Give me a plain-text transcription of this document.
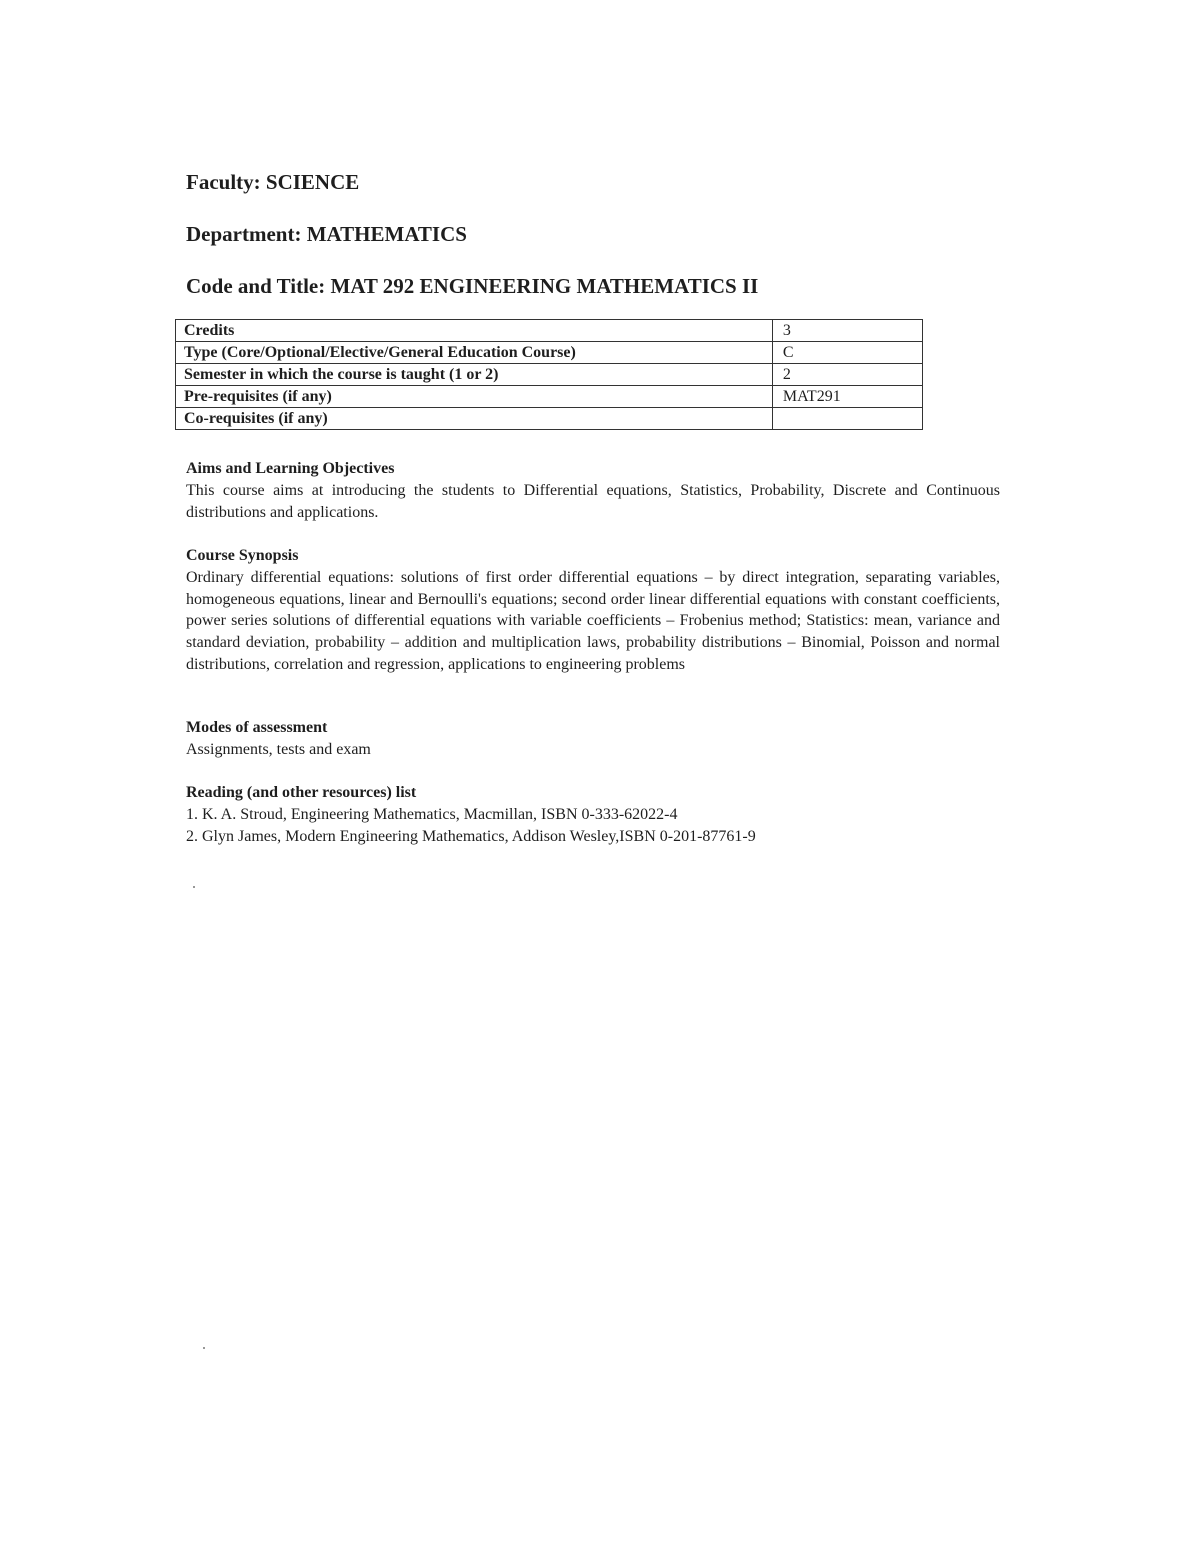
Faculty: SCIENCE
Department: MATHEMATICS
Code and Title: MAT 292 ENGINEERING MATHEMATICS II
Credits	3
Type (Core/Optional/Elective/General Education Course)	C
Semester in which the course is taught (1 or 2)	2
Pre-requisites (if any)	MAT291
Co-requisites (if any)	
Aims and Learning Objectives

This course aims at introducing the students to Differential equations, Statistics, Probability, Discrete and Continuous distributions and applications.

Course Synopsis

Ordinary differential equations: solutions of first order differential equations – by direct integration, separating variables, homogeneous equations, linear and Bernoulli's equations; second order linear differential equations with constant coefficients, power series solutions of differential equations with variable coefficients – Frobenius method; Statistics: mean, variance and standard deviation, probability – addition and multiplication laws, probability distributions – Binomial, Poisson and normal distributions, correlation and regression, applications to engineering problems

Modes of assessment

Assignments, tests and exam

Reading (and other resources) list
1. K. A. Stroud, Engineering Mathematics, Macmillan, ISBN 0-333-62022-4
2. Glyn James, Modern Engineering Mathematics, Addison Wesley,ISBN 0-201-87761-9
